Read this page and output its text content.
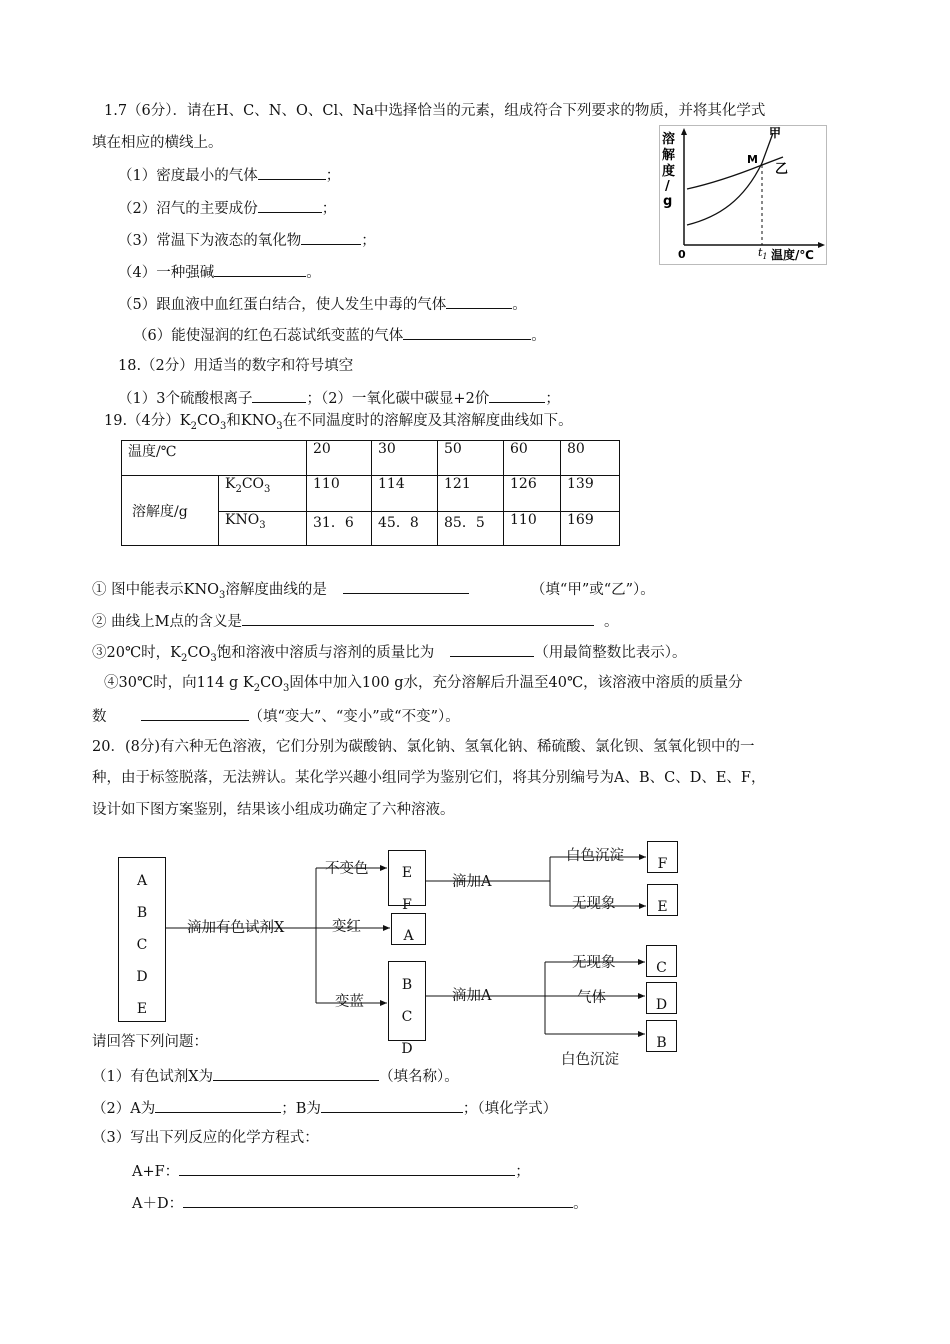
1.7（6分）．请在H、C、N、O、Cl、Na中选择恰当的元素，组成符合下列要求的物质，并将其化学式
填在相应的横线上。
（1）密度最小的气体	；
（2）沼气的主要成份	；
（3）常温下为液态的氧化物	；
（4）一种强碱	。
（5）跟血液中血红蛋白结合，使人发生中毒的气体	。
（6）能使湿润的红色石蕊试纸变蓝的气体	。
溶
解
度
/
g
甲
M
乙
0	$t_1$ 温度/℃
18.（2分）用适当的数字和符号填空
（1）3个硫酸根离子	；（2）一氧化碳中碳显+2价	；
19.（4分）$K_2CO_3$和$KNO_3$在不同温度时的溶解度及其溶解度曲线如下。
温度/℃		20	30	50	60	80
溶解度/g	$K_2CO_3$	110	114	121	126	139
	$KNO_3$	31．6	45．8	85．5	110	169
① 图中能表示$KNO_3$溶解度曲线的是	（填“甲”或“乙”）。
② 曲线上M点的含义是	。
③20℃时，$K_2CO_3$饱和溶液中溶质与溶剂的质量比为	（用最简整数比表示）。
④30℃时，向114 g $K_2CO_3$固体中加入100 g水，充分溶解后升温至40℃，该溶液中溶质的质量分
数	（填“变大”、“变小”或“不变”）。
20．(8分)有六种无色溶液，它们分别为碳酸钠、氯化钠、氢氧化钠、稀硫酸、氯化钡、氢氧化钡中的一
种，由于标签脱落，无法辨认。某化学兴趣小组同学为鉴别它们，将其分别编号为A、B、C、D、E、F，
设计如下图方案鉴别，结果该小组成功确定了六种溶液。
A
B
C
D
E
E
F
A
B
C
D
F
E
C
D
B
滴加有色试剂X
不变色
变红
变蓝
滴加A
滴加A
白色沉淀
无现象
无现象
气体
白色沉淀
请回答下列问题：
（1）有色试剂X为	（填名称）。
（2）A为	；B为	；（填化学式）
（3）写出下列反应的化学方程式：
A+F：	；
A＋D：	。
